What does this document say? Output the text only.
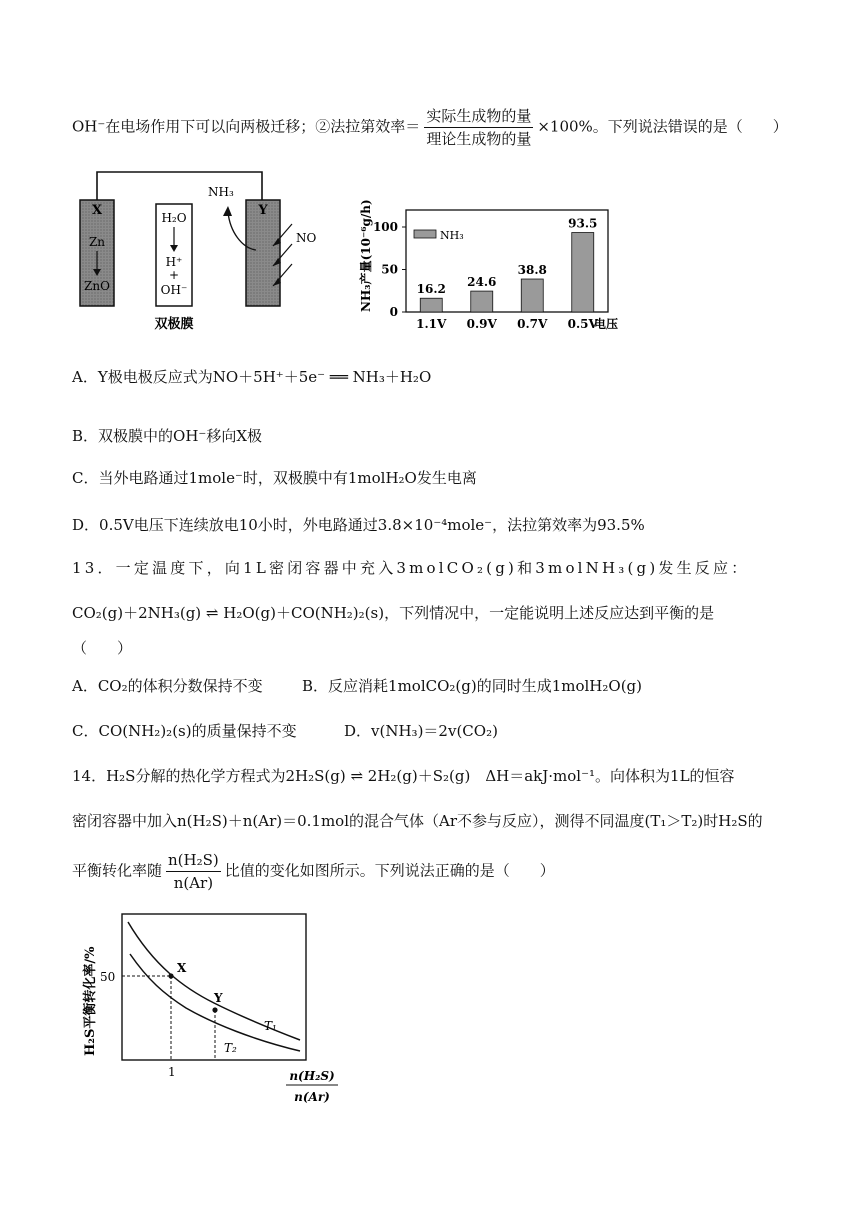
OH⁻在电场作用下可以向两极迁移；②法拉第效率＝ $\frac{\text{实际生成物的量}}{\text{理论生成物的量}} \times 100\%$。下列说法错误的是（　　）
X
Zn
ZnO
H₂O
H⁺
+
OH⁻
Y
NH₃
NO
双极膜
NH₃产量(10⁻⁶g/h)	NH₃
电压
0
50
100
16.2
1.1V
24.6
0.9V
38.8
0.7V
93.5
0.5V
A．Y极电极反应式为NO＋5H⁺＋5e⁻ ══ NH₃＋H₂O
B．双极膜中的OH⁻移向X极
C．当外电路通过1mole⁻时，双极膜中有1molH₂O发生电离
D．0.5V电压下连续放电10小时，外电路通过3.8×10⁻⁴mole⁻，法拉第效率为93.5%
13．一定温度下，向1L密闭容器中充入3molCO₂(g)和3molNH₃(g)发生反应：
CO₂(g)＋2NH₃(g) ⇌ H₂O(g)＋CO(NH₂)₂(s)，下列情况中，一定能说明上述反应达到平衡的是
（　　）
A．CO₂的体积分数保持不变	B．反应消耗1molCO₂(g)的同时生成1molH₂O(g)
C．CO(NH₂)₂(s)的质量保持不变	D．v(NH₃)＝2v(CO₂)
14．H₂S分解的热化学方程式为2H₂S(g) ⇌ 2H₂(g)＋S₂(g)　ΔH＝akJ·mol⁻¹。向体积为1L的恒容
密闭容器中加入n(H₂S)＋n(Ar)＝0.1mol的混合气体（Ar不参与反应），测得不同温度(T₁＞T₂)时H₂S的
平衡转化率随 $\frac{\text{n(H₂S)}}{n(Ar)}$ 比值的变化如图所示。下列说法正确的是（　　）
H₂S平衡转化率/% 50
1
X
Y
T₁
T₂
n(H₂S)
n(Ar)
